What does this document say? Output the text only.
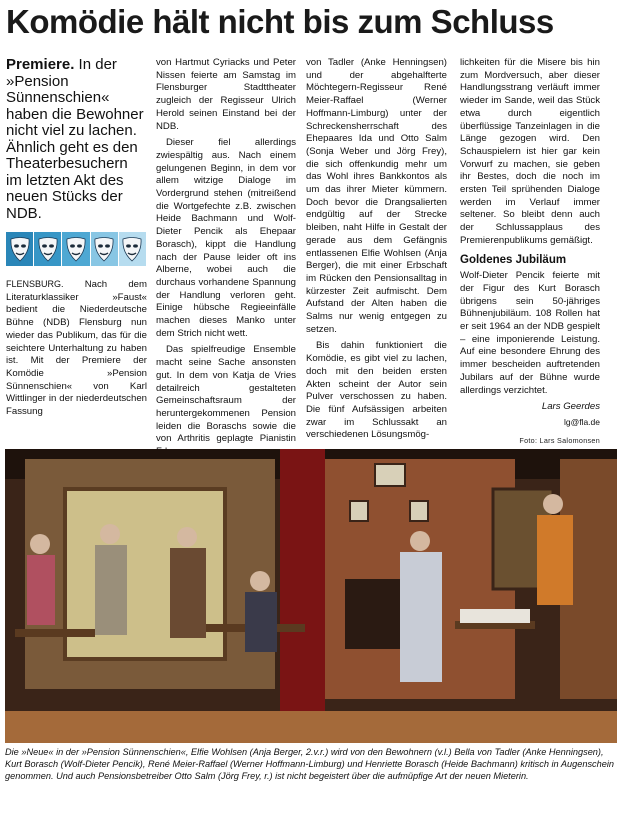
Komödie hält nicht bis zum Schluss
Premiere. In der »Pension Sünnenschien« haben die Bewohner nicht viel zu lachen. Ähnlich geht es den Theaterbesuchern im letzten Akt des neuen Stücks der NDB.

FLENSBURG. Nach dem Literaturklassiker »Faust« bedient die Niederdeutsche Bühne (NDB) Flensburg nun wieder das Publikum, das für die seichtere Unterhaltung zu haben ist. Mit der Premiere der Komödie »Pension Sünnenschien« von Karl Wittlinger in der niederdeutschen Fassung

von Hartmut Cyriacks und Peter Nissen feierte am Samstag im Flensburger Stadttheater zugleich der Regisseur Ulrich Herold seinen Einstand bei der NDB.

Dieser fiel allerdings zwiespältig aus. Nach einem gelungenen Beginn, in dem vor allem witzige Dialoge im Vordergrund stehen (mitreißend die Wortgefechte z.B. zwischen Heide Bachmann und Wolf-Dieter Pencik als Ehepaar Borasch), kippt die Handlung nach der Pause leider oft ins Alberne, wobei auch die durchaus vorhandene Spannung der Handlung verloren geht. Einige hübsche Regieeinfälle machen dieses Manko unter dem Strich nicht wett.

Das spielfreudige Ensemble macht seine Sache ansonsten gut. In dem von Katja de Vries detailreich gestalteten Gemeinschaftsraum der heruntergekommenen Pension leiden die Boraschs sowie die von Arthritis geplagte Pianistin

von Tadler (Anke Henningsen) und der abgehalfterte Möchtegern-Regisseur René Meier-Raffael (Werner Hoffmann-Limburg) unter der Schreckensherrschaft des Ehepaares Ida und Otto Salm (Sonja Weber und Jörg Frey), die sich offenkundig mehr um das Wohl ihres Bankkontos als um das ihrer Mieter kümmern. Doch bevor die Drangsalierten endgültig auf der Strecke bleiben, naht Hilfe in Gestalt der gerade aus dem Gefängnis entlassenen Elfie Wohlsen (Anja Berger), die mit einer Erbschaft im Rücken den Pensionsalltag in kürzester Zeit aufmischt. Dem Aufstand der Alten haben die Salms nur wenig entgegen zu setzen.

Bis dahin funktioniert die Komödie, es gibt viel zu lachen, doch mit den beiden ersten Akten scheint der Autor sein Pulver verschossen zu haben. Die fünf Aufsässigen arbeiten zwar im Schlussakt an verschiedenen Lösungsmög-

lichkeiten für die Misere bis hin zum Mordversuch, aber dieser Handlungsstrang verläuft immer wieder im Sande, weil das Stück etwa durch eigentlich überflüssige Tanzeinlagen in die Länge gezogen wird. Den Schauspielern ist hier gar kein Vorwurf zu machen, sie geben ihr Bestes, doch die noch im ersten Teil sprühenden Dialoge werden im Verlauf immer seltener. So bleibt denn auch der Schlussapplaus des Premierenpublikums gemäßigt.

Goldenes Jubiläum

Wolf-Dieter Pencik feierte mit der Figur des Kurt Borasch übrigens sein 50-jähriges Bühnenjubiläum. 108 Rollen hat er seit 1964 an der NDB gespielt – eine imponierende Leistung. Auf eine besondere Ehrung des immer bescheiden auftretenden Jubilars auf der Bühne wurde allerdings verzichtet.

Lars Geerdes
lg@fla.de
Foto: Lars Salomonsen
Die »Neue« in der »Pension Sünnenschien«, Elfie Wohlsen (Anja Berger, 2.v.r.) wird von den Bewohnern (v.l.) Bella von Tadler (Anke Henningsen), Kurt Borasch (Wolf-Dieter Pencik), René Meier-Raffael (Werner Hoffmann-Limburg) und Henriette Borasch (Heide Bachmann) kritisch in Augenschein genommen. Und auch Pensionsbetreiber Otto Salm (Jörg Frey, r.) ist nicht begeistert über die aufmüpfige Art der neuen Mieterin.
